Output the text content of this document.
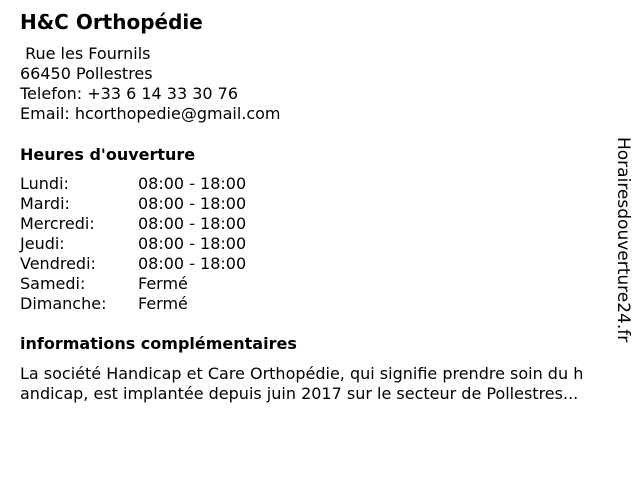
H&C Orthopédie
Rue les Fournils
66450 Pollestres
Telefon: +33 6 14 33 30 76
Email: hcorthopedie@gmail.com
Heures d'ouverture
Lundi:	08:00 - 18:00
Mardi:	08:00 - 18:00
Mercredi:	08:00 - 18:00
Jeudi:	08:00 - 18:00
Vendredi:	08:00 - 18:00
Samedi:	Fermé
Dimanche: Fermé
informations complémentaires
La société Handicap et Care Orthopédie, qui signifie prendre soin du h
andicap, est implantée depuis juin 2017 sur le secteur de Pollestres...
Horairesdouverture24.fr
